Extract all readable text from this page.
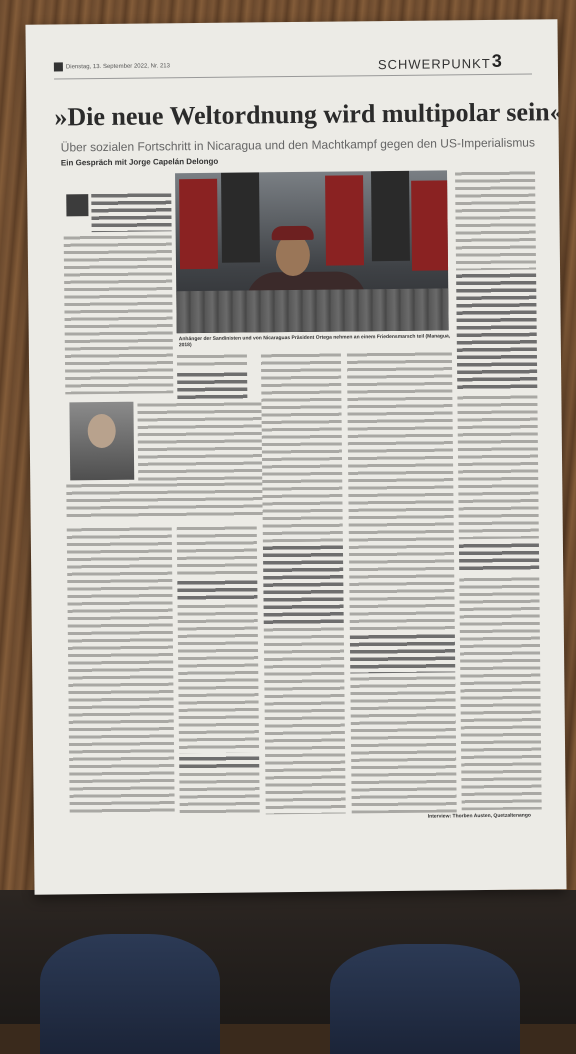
Dienstag, 13. September 2022, Nr. 213	SCHWERPUNKT 3
»Die neue Weltordnung wird multipolar sein«
Über sozialen Fortschritt in Nicaragua und den Machtkampf gegen den US-Imperialismus
Ein Gespräch mit Jorge Capelán Delongo
Anhänger der Sandinisten und von Nicaraguas Präsident Ortega nehmen an einem Friedensmarsch teil (Managua, 2018)
Interview: Thorben Austen, Quetzaltenango
